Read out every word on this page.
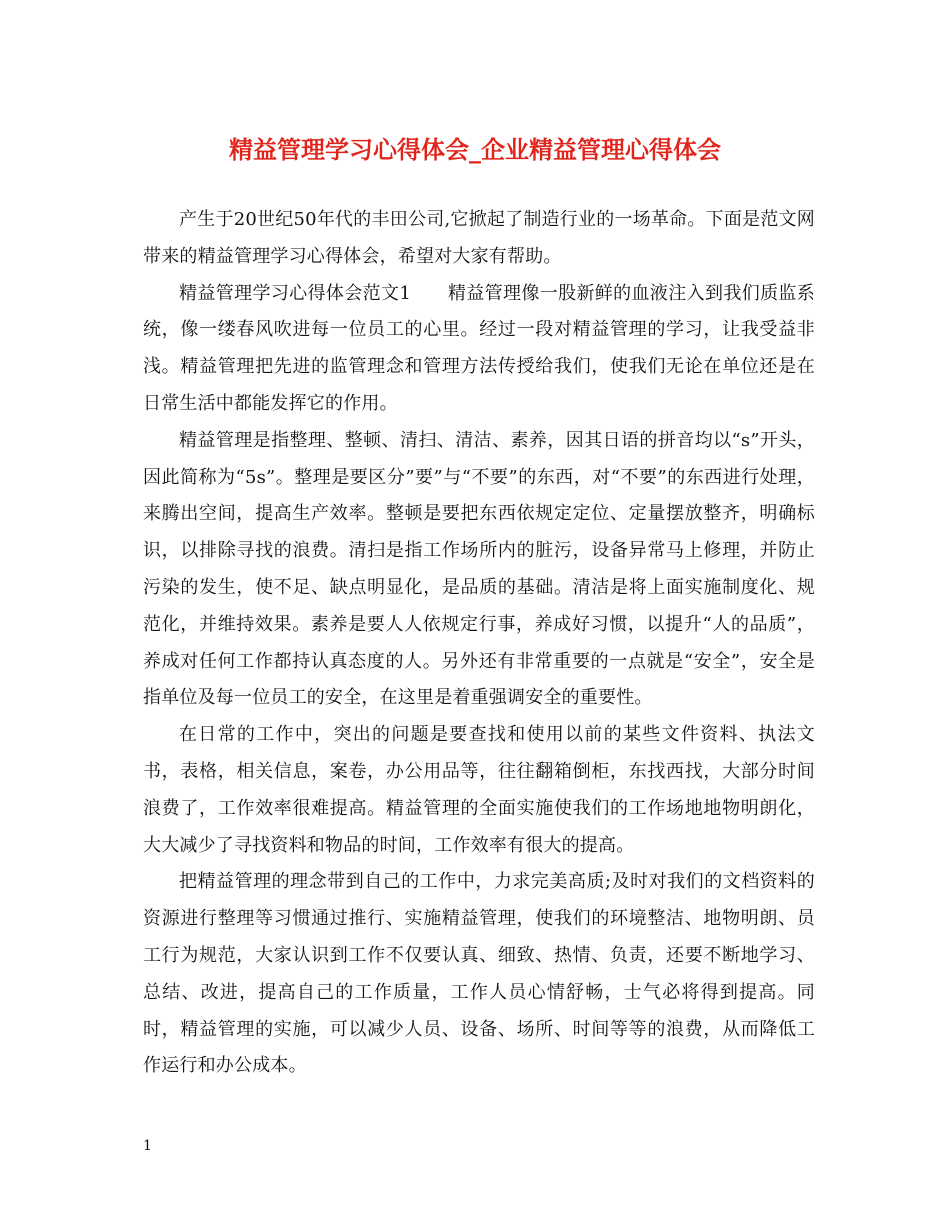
精益管理学习心得体会_企业精益管理心得体会

产生于20世纪50年代的丰田公司,它掀起了制造行业的一场革命。下面是范文网带来的精益管理学习心得体会，希望对大家有帮助。

精益管理学习心得体会范文1　　精益管理像一股新鲜的血液注入到我们质监系统，像一缕春风吹进每一位员工的心里。经过一段对精益管理的学习，让我受益非浅。精益管理把先进的监管理念和管理方法传授给我们，使我们无论在单位还是在日常生活中都能发挥它的作用。

精益管理是指整理、整顿、清扫、清洁、素养，因其日语的拼音均以“s”开头，因此简称为“5s”。整理是要区分”要”与“不要”的东西，对“不要”的东西进行处理，来腾出空间，提高生产效率。整顿是要把东西依规定定位、定量摆放整齐，明确标识，以排除寻找的浪费。清扫是指工作场所内的脏污，设备异常马上修理，并防止污染的发生，使不足、缺点明显化，是品质的基础。清洁是将上面实施制度化、规范化，并维持效果。素养是要人人依规定行事，养成好习惯，以提升“人的品质”，养成对任何工作都持认真态度的人。另外还有非常重要的一点就是“安全”，安全是指单位及每一位员工的安全，在这里是着重强调安全的重要性。

在日常的工作中，突出的问题是要查找和使用以前的某些文件资料、执法文书，表格，相关信息，案卷，办公用品等，往往翻箱倒柜，东找西找，大部分时间浪费了，工作效率很难提高。精益管理的全面实施使我们的工作场地地物明朗化，大大减少了寻找资料和物品的时间，工作效率有很大的提高。

把精益管理的理念带到自己的工作中，力求完美高质;及时对我们的文档资料的资源进行整理等习惯通过推行、实施精益管理，使我们的环境整洁、地物明朗、员工行为规范，大家认识到工作不仅要认真、细致、热情、负责，还要不断地学习、总结、改进，提高自己的工作质量，工作人员心情舒畅，士气必将得到提高。同时，精益管理的实施，可以减少人员、设备、场所、时间等等的浪费，从而降低工作运行和办公成本。

1
